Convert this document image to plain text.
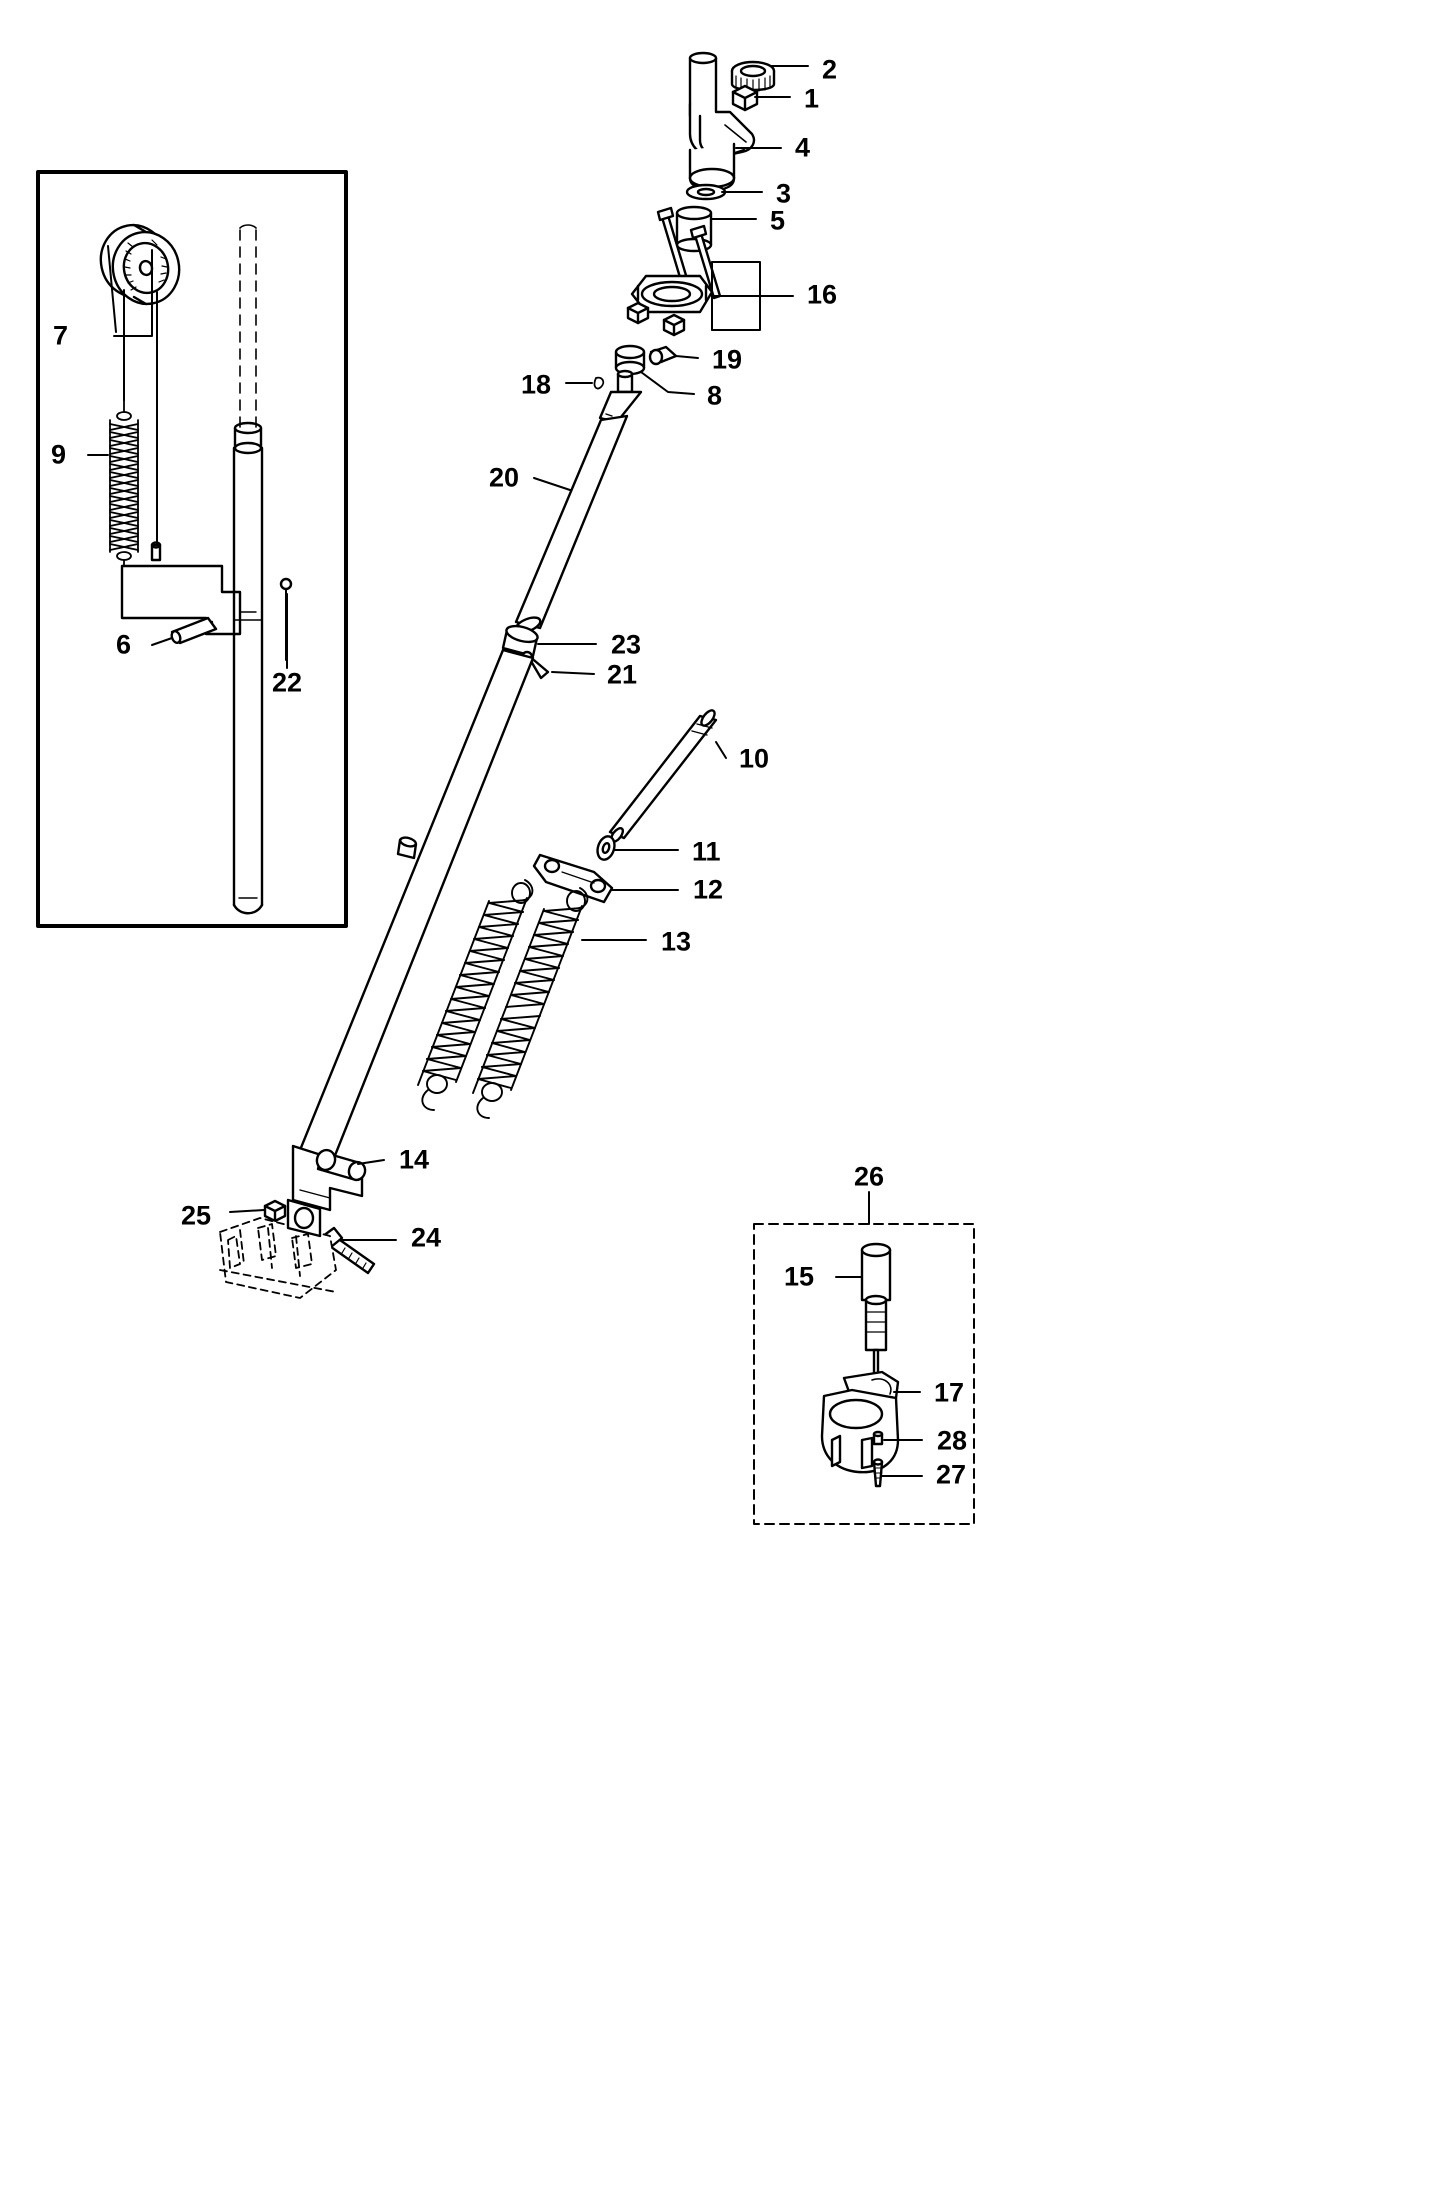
1
2
3
4
5
6
7
8
9
10
11
12
13
14
15
16
17
18
19
20
21
22
23
24
25
26
27
28
